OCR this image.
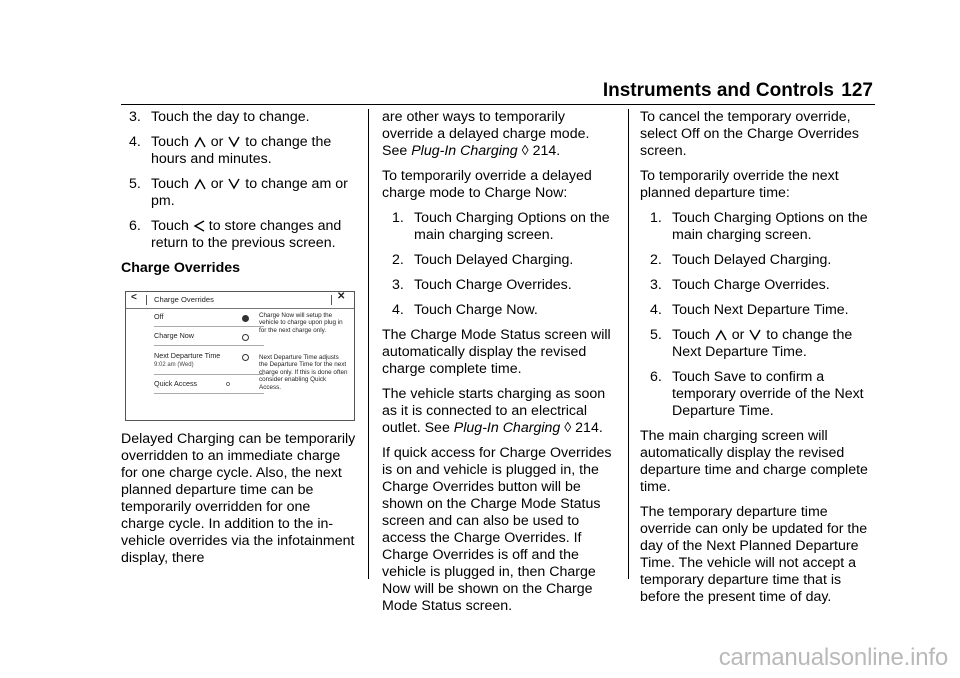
Instruments and Controls 127
3. Touch the day to change.
4. Touch or to change the hours and minutes.
5. Touch or to change am or pm.
6. Touch to store changes and return to the previous screen.
Charge Overrides
< Charge Overrides	✕
Off
Charge Now
Next Departure Time
9:02 am (Wed)
Quick Access	o
Charge Now will setup the vehicle to charge upon plug in for the next charge only.
Next Departure Time adjusts the Departure Time for the next charge only. If this is done often consider enabling Quick Access.

Delayed Charging can be temporarily overridden to an immediate charge for one charge cycle. Also, the next planned departure time can be temporarily overridden for one charge cycle. In addition to the in-vehicle overrides via the infotainment display, there

are other ways to temporarily override a delayed charge mode. See Plug-In Charging ◊ 214.

To temporarily override a delayed charge mode to Charge Now:

1. Touch Charging Options on the main charging screen.
2. Touch Delayed Charging.
3. Touch Charge Overrides.
4. Touch Charge Now.

The Charge Mode Status screen will automatically display the revised charge complete time.

The vehicle starts charging as soon as it is connected to an electrical outlet. See Plug-In Charging ◊ 214.

If quick access for Charge Overrides is on and vehicle is plugged in, the Charge Overrides button will be shown on the Charge Mode Status screen and can also be used to access the Charge Overrides. If Charge Overrides is off and the vehicle is plugged in, then Charge Now will be shown on the Charge Mode Status screen.

To cancel the temporary override, select Off on the Charge Overrides screen.

To temporarily override the next planned departure time:

1. Touch Charging Options on the main charging screen.
2. Touch Delayed Charging.
3. Touch Charge Overrides.
4. Touch Next Departure Time.
5. Touch or to change the Next Departure Time.
6. Touch Save to confirm a temporary override of the Next Departure Time.

The main charging screen will automatically display the revised departure time and charge complete time.

The temporary departure time override can only be updated for the day of the Next Planned Departure Time. The vehicle will not accept a temporary departure time that is before the present time of day.

carmanualsonline.info
